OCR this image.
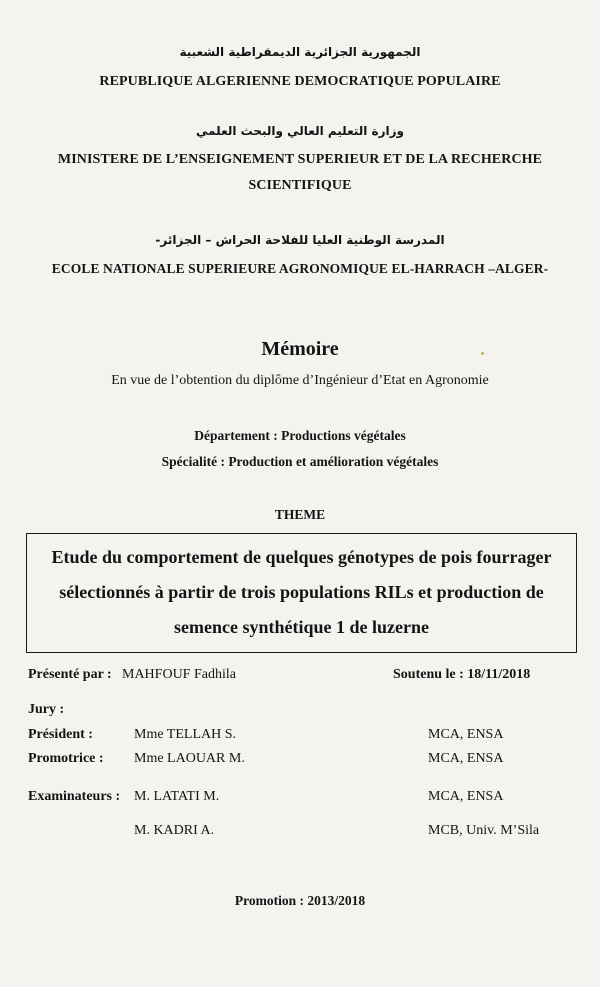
الجمهورية الجزائرية الديمقراطية الشعبية
REPUBLIQUE ALGERIENNE DEMOCRATIQUE POPULAIRE
وزارة التعليم العالي والبحث العلمي
MINISTERE DE L’ENSEIGNEMENT SUPERIEUR ET DE LA RECHERCHE
SCIENTIFIQUE
المدرسة الوطنية العليا للفلاحة الحراش – الجزائر-
ECOLE NATIONALE SUPERIEURE AGRONOMIQUE EL-HARRACH –ALGER-
Mémoire
En vue de l’obtention du diplôme d’Ingénieur d’Etat en Agronomie
Département : Productions végétales
Spécialité : Production et amélioration végétales
THEME
Etude du comportement de quelques génotypes de pois fourrager sélectionnés à partir de trois populations RILs et production de semence synthétique 1 de luzerne
Présenté par : MAHFOUF Fadhila	Soutenu le : 18/11/2018
Jury :
Président :	Mme TELLAH S.	MCA, ENSA
Promotrice : Mme LAOUAR M.	MCA, ENSA
Examinateurs : M. LATATI M.	MCA, ENSA
M. KADRI A.	MCB, Univ. M’Sila
Promotion : 2013/2018
